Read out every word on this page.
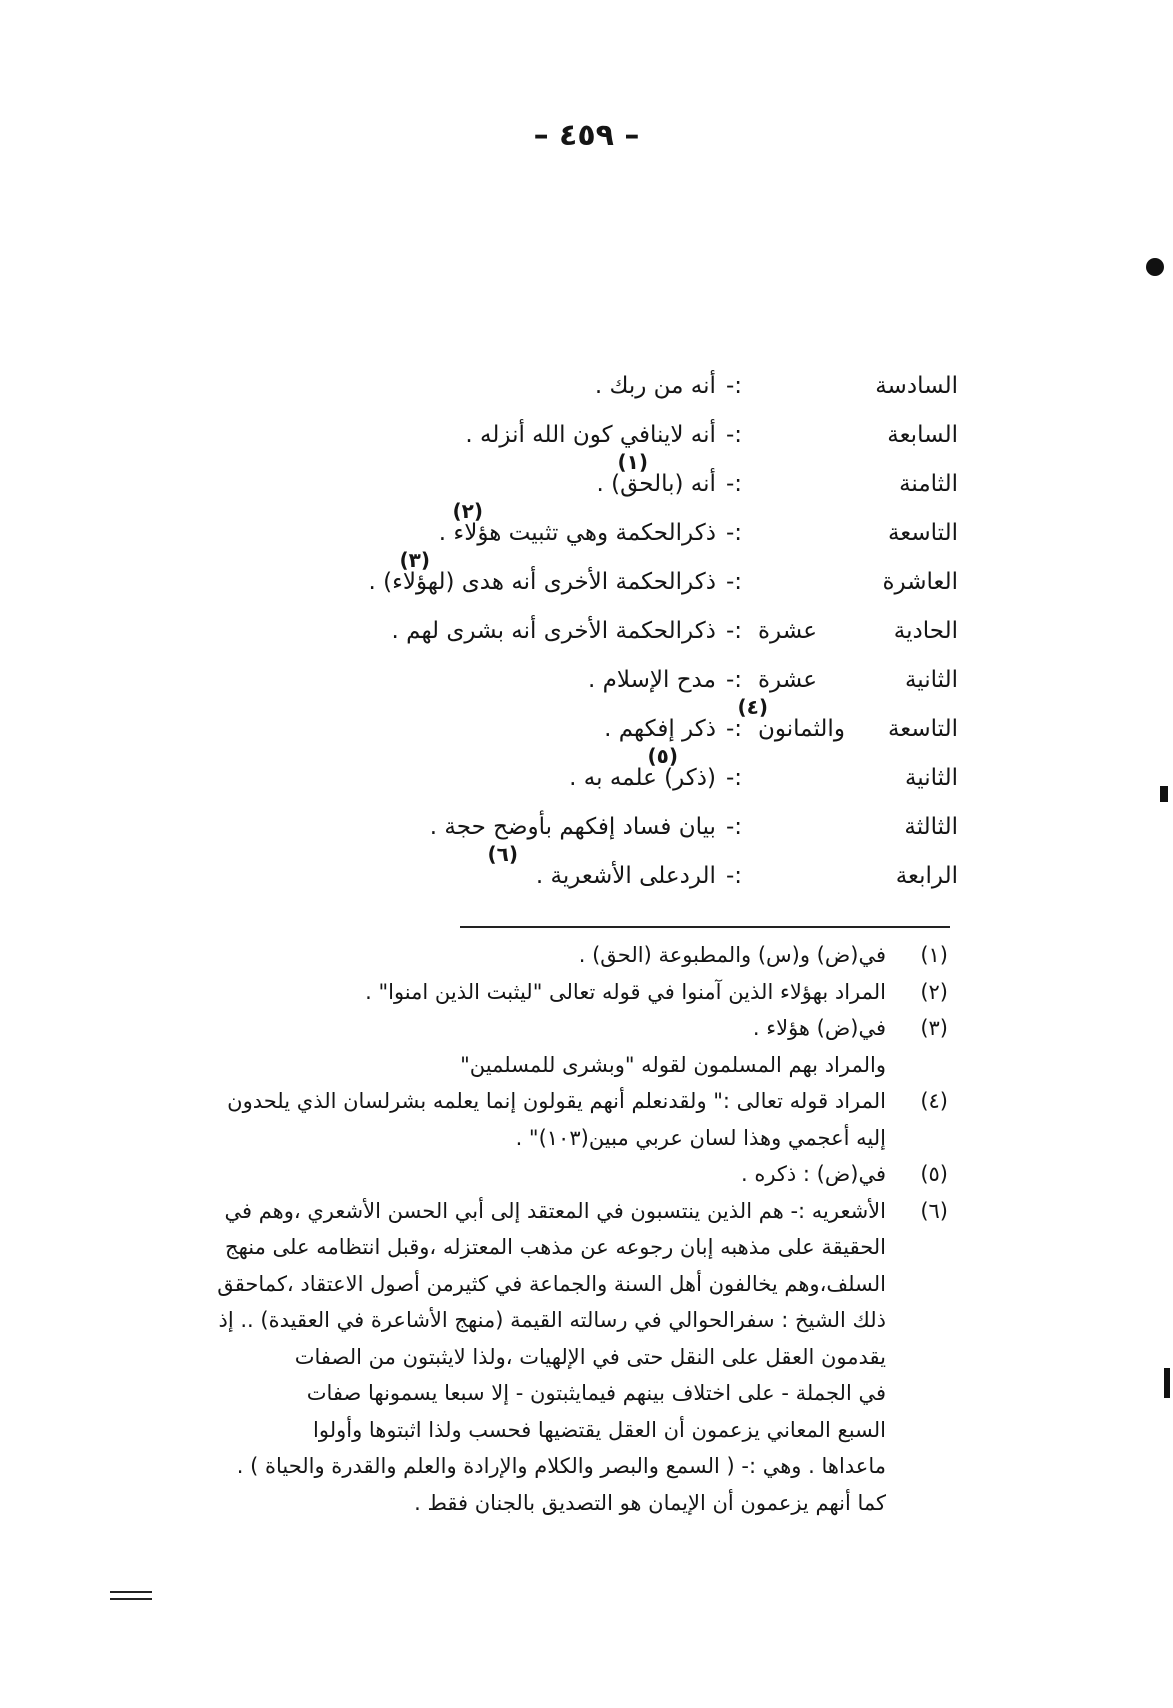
– ٤٥٩ –
السادسة:-أنه من ربك .
السابعة:-أنه لاينافي كون الله أنزله .
الثامنة:-أنه (بالحق) .
(١)
التاسعة:-ذكرالحكمة وهي تثبيت هؤلاء .
(٢)
العاشرة:-ذكرالحكمة الأخرى أنه هدى (لهؤلاء) .
(٣)
الحادية عشرة:-ذكرالحكمة الأخرى أنه بشرى لهم .
الثانية عشرة:-مدح الإسلام .
التاسعة والثمانون:-ذكر إفكهم .
(٤)
الثانية:-(ذكر) علمه به .
(٥)
الثالثة:-بيان فساد إفكهم بأوضح حجة .
الرابعة:-الردعلى الأشعرية .
(٦)
(١)
في(ض) و(س) والمطبوعة (الحق) .
(٢)
المراد بهؤلاء الذين آمنوا في قوله تعالى "ليثبت الذين امنوا" .
(٣)
في(ض) هؤلاء .
والمراد بهم المسلمون لقوله "وبشرى للمسلمين"
(٤)
المراد قوله تعالى :" ولقدنعلم أنهم يقولون إنما يعلمه بشرلسان الذي يلحدون
إليه أعجمي وهذا لسان عربي مبين(١٠٣)" .
(٥)
في(ض) : ذكره .
(٦)
الأشعريه :- هم الذين ينتسبون في المعتقد إلى أبي الحسن الأشعري ،وهم في
الحقيقة على مذهبه إبان رجوعه عن مذهب المعتزله ،وقبل انتظامه على منهج
السلف،وهم يخالفون أهل السنة والجماعة في كثيرمن أصول الاعتقاد ،كماحقق
ذلك الشيخ : سفرالحوالي في رسالته القيمة (منهج الأشاعرة في العقيدة) .. إذ
يقدمون العقل على النقل حتى في الإلهيات ،ولذا لايثبتون من الصفات
في الجملة - على اختلاف بينهم فيمايثبتون - إلا سبعا يسمونها صفات
السبع المعاني يزعمون أن العقل يقتضيها فحسب ولذا اثبتوها وأولوا
ماعداها . وهي :- ( السمع والبصر والكلام والإرادة والعلم والقدرة والحياة ) .
كما أنهم يزعمون أن الإيمان هو التصديق بالجنان فقط .
